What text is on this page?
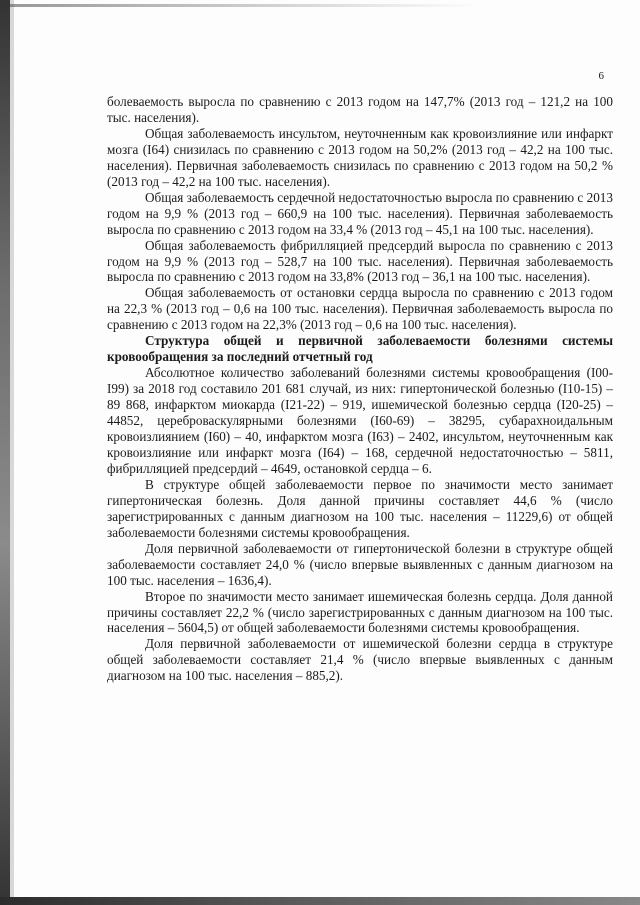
6

болеваемость выросла по сравнению с 2013 годом на 147,7% (2013 год – 121,2 на 100 тыс. населения).

Общая заболеваемость инсультом, неуточненным как кровоизлияние или инфаркт мозга (I64) снизилась по сравнению с 2013 годом на 50,2% (2013 год – 42,2 на 100 тыс. населения). Первичная заболеваемость снизилась по сравнению с 2013 годом на 50,2 % (2013 год – 42,2 на 100 тыс. населения).

Общая заболеваемость сердечной недостаточностью выросла по сравнению с 2013 годом на 9,9 % (2013 год – 660,9 на 100 тыс. населения). Первичная заболеваемость выросла по сравнению с 2013 годом на 33,4 % (2013 год – 45,1 на 100 тыс. населения).

Общая заболеваемость фибрилляцией предсердий выросла по сравнению с 2013 годом на 9,9 % (2013 год – 528,7 на 100 тыс. населения). Первичная заболеваемость выросла по сравнению с 2013 годом на 33,8% (2013 год – 36,1 на 100 тыс. населения).

Общая заболеваемость от остановки сердца выросла по сравнению с 2013 годом на 22,3 % (2013 год – 0,6 на 100 тыс. населения). Первичная заболеваемость выросла по сравнению с 2013 годом на 22,3% (2013 год – 0,6 на 100 тыс. населения).

Структура общей и первичной заболеваемости болезнями системы кровообращения за последний отчетный год

Абсолютное количество заболеваний болезнями системы кровообращения (I00-I99) за 2018 год составило 201 681 случай, из них: гипертонической болезнью (I10-15) – 89 868, инфарктом миокарда (I21-22) – 919, ишемической болезнью сердца (I20-25) – 44852, цереброваскулярными болезнями (I60-69) – 38295, субарахноидальным кровоизлиянием (I60) – 40, инфарктом мозга (I63) – 2402, инсультом, неуточненным как кровоизлияние или инфаркт мозга (I64) – 168, сердечной недостаточностью – 5811, фибрилляцией предсердий – 4649, остановкой сердца – 6.

В структуре общей заболеваемости первое по значимости место занимает гипертоническая болезнь. Доля данной причины составляет 44,6 % (число зарегистрированных с данным диагнозом на 100 тыс. населения – 11229,6) от общей заболеваемости болезнями системы кровообращения.

Доля первичной заболеваемости от гипертонической болезни в структуре общей заболеваемости составляет 24,0 % (число впервые выявленных с данным диагнозом на 100 тыс. населения – 1636,4).

Второе по значимости место занимает ишемическая болезнь сердца. Доля данной причины составляет 22,2 % (число зарегистрированных с данным диагнозом на 100 тыс. населения – 5604,5) от общей заболеваемости болезнями системы кровообращения.

Доля первичной заболеваемости от ишемической болезни сердца в структуре общей заболеваемости составляет 21,4 % (число впервые выявленных с данным диагнозом на 100 тыс. населения – 885,2).
